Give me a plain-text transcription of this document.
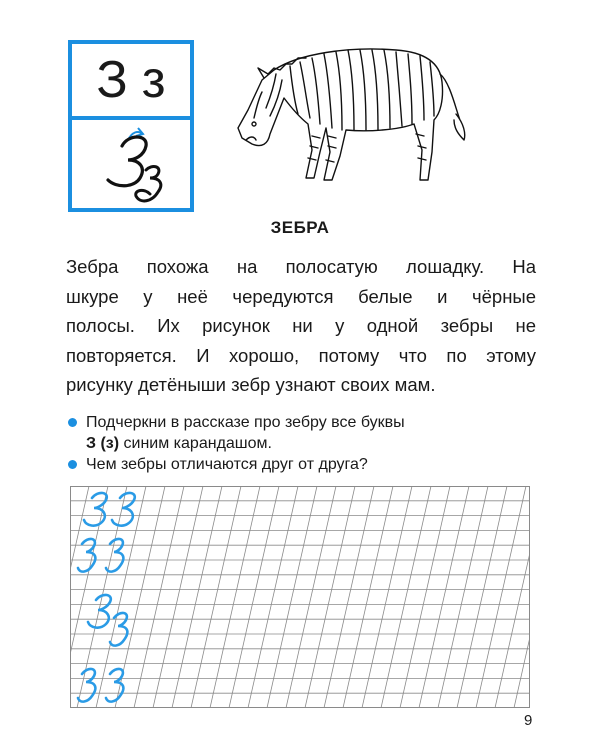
З з
ЗЕБРА
Зебра похожа на полосатую лошадку. На
шкуре у неё чередуются белые и чёрные
полосы. Их рисунок ни у одной зебры не
повторяется. И хорошо, потому что по этому
рисунку детёныши зебр узнают своих мам.
Подчеркни в рассказе про зебру все буквы
З (з) синим карандашом.
Чем зебры отличаются друг от друга?
9
